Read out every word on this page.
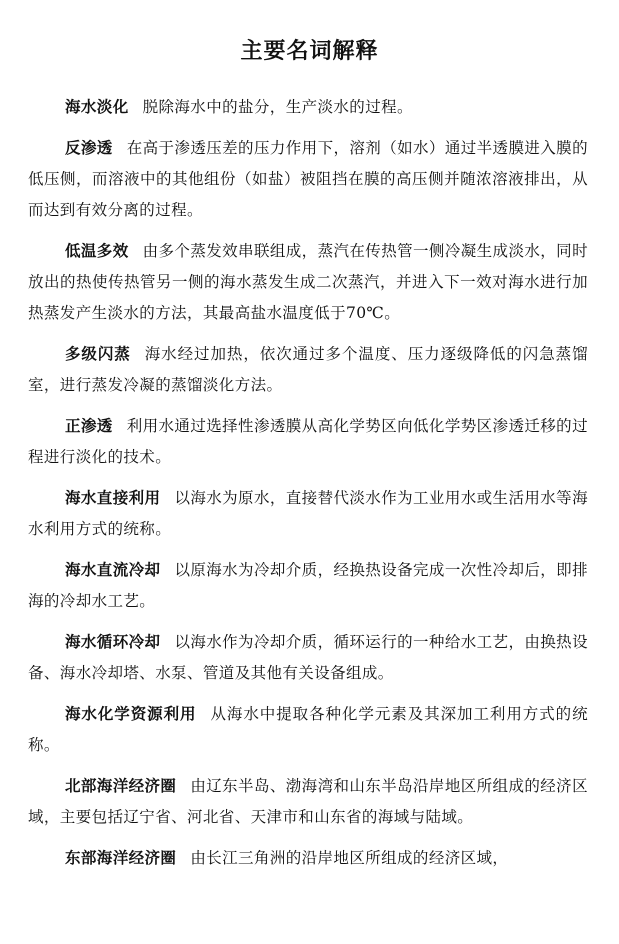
主要名词解释

海水淡化 脱除海水中的盐分，生产淡水的过程。

反渗透 在高于渗透压差的压力作用下，溶剂（如水）通过半透膜进入膜的低压侧，而溶液中的其他组份（如盐）被阻挡在膜的高压侧并随浓溶液排出，从而达到有效分离的过程。

低温多效 由多个蒸发效串联组成，蒸汽在传热管一侧冷凝生成淡水，同时放出的热使传热管另一侧的海水蒸发生成二次蒸汽，并进入下一效对海水进行加热蒸发产生淡水的方法，其最高盐水温度低于70℃。

多级闪蒸 海水经过加热，依次通过多个温度、压力逐级降低的闪急蒸馏室，进行蒸发冷凝的蒸馏淡化方法。

正渗透 利用水通过选择性渗透膜从高化学势区向低化学势区渗透迁移的过程进行淡化的技术。

海水直接利用 以海水为原水，直接替代淡水作为工业用水或生活用水等海水利用方式的统称。

海水直流冷却 以原海水为冷却介质，经换热设备完成一次性冷却后，即排海的冷却水工艺。

海水循环冷却 以海水作为冷却介质，循环运行的一种给水工艺，由换热设备、海水冷却塔、水泵、管道及其他有关设备组成。

海水化学资源利用 从海水中提取各种化学元素及其深加工利用方式的统称。

北部海洋经济圈 由辽东半岛、渤海湾和山东半岛沿岸地区所组成的经济区域，主要包括辽宁省、河北省、天津市和山东省的海域与陆域。

东部海洋经济圈 由长江三角洲的沿岸地区所组成的经济区域，
